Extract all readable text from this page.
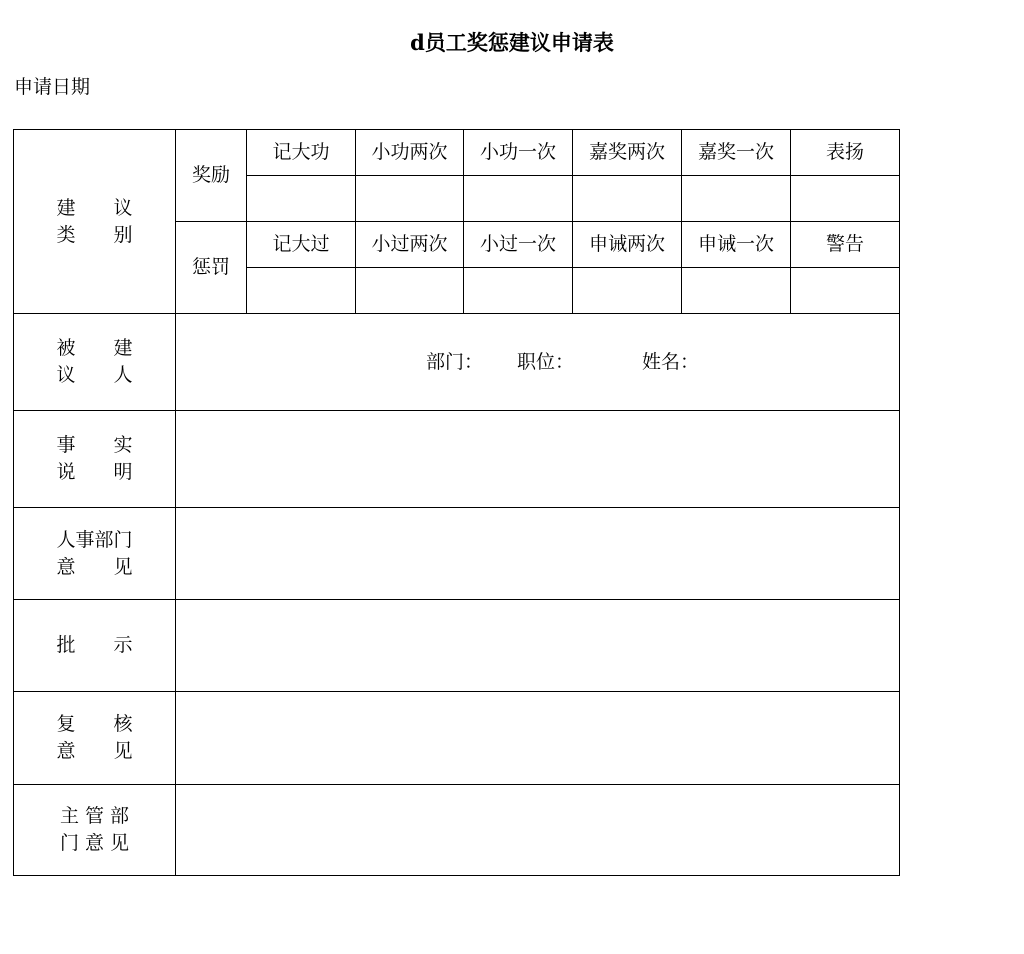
d员工奖惩建议申请表
申请日期
建　　议
类　　别	奖励	记大功	小功两次	小功一次	嘉奖两次	嘉奖一次	表扬

	惩罚	记大过	小过两次	小过一次	申诫两次	申诫一次	警告

被　　建
议　　人	部门： 职位： 姓名：						

事　　实
说　　明							

人事部门
意　　见							

批　　示							

复　　核
意　　见							

主 管 部
门 意 见							
